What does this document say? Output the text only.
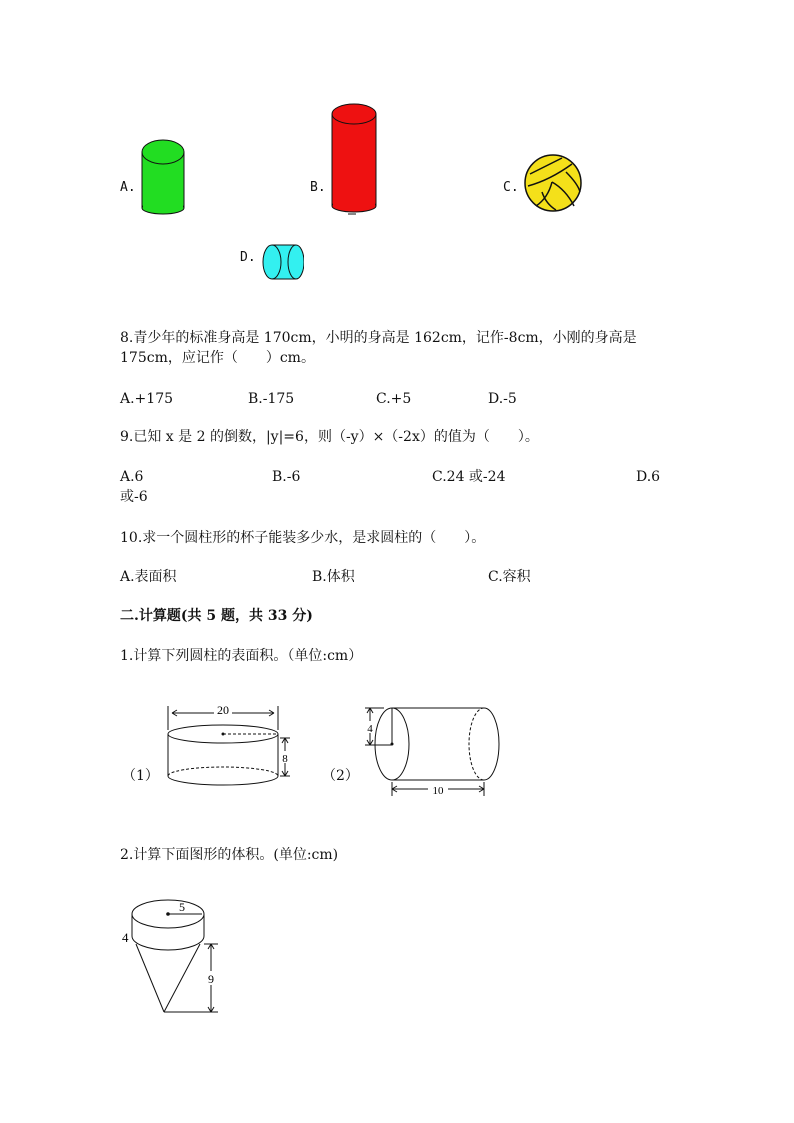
A.	B.	C.
D.
8.青少年的标准身高是 170cm，小明的身高是 162cm，记作-8cm，小刚的身高是
175cm，应记作（　　）cm。
A.+175	B.-175	C.+5	D.-5
9.已知 x 是 2 的倒数，|y|=6，则（-y）×（-2x）的值为（　　）。
A.6	B.-6	C.24 或-24	D.6
或-6
10.求一个圆柱形的杯子能装多少水，是求圆柱的（　　）。
A.表面积	B.体积	C.容积
二.计算题(共 5 题，共 33 分)
1.计算下列圆柱的表面积。（单位:cm）
（1）
20
8
（2）
4
10
2.计算下面图形的体积。(单位:cm)
4
5
9
